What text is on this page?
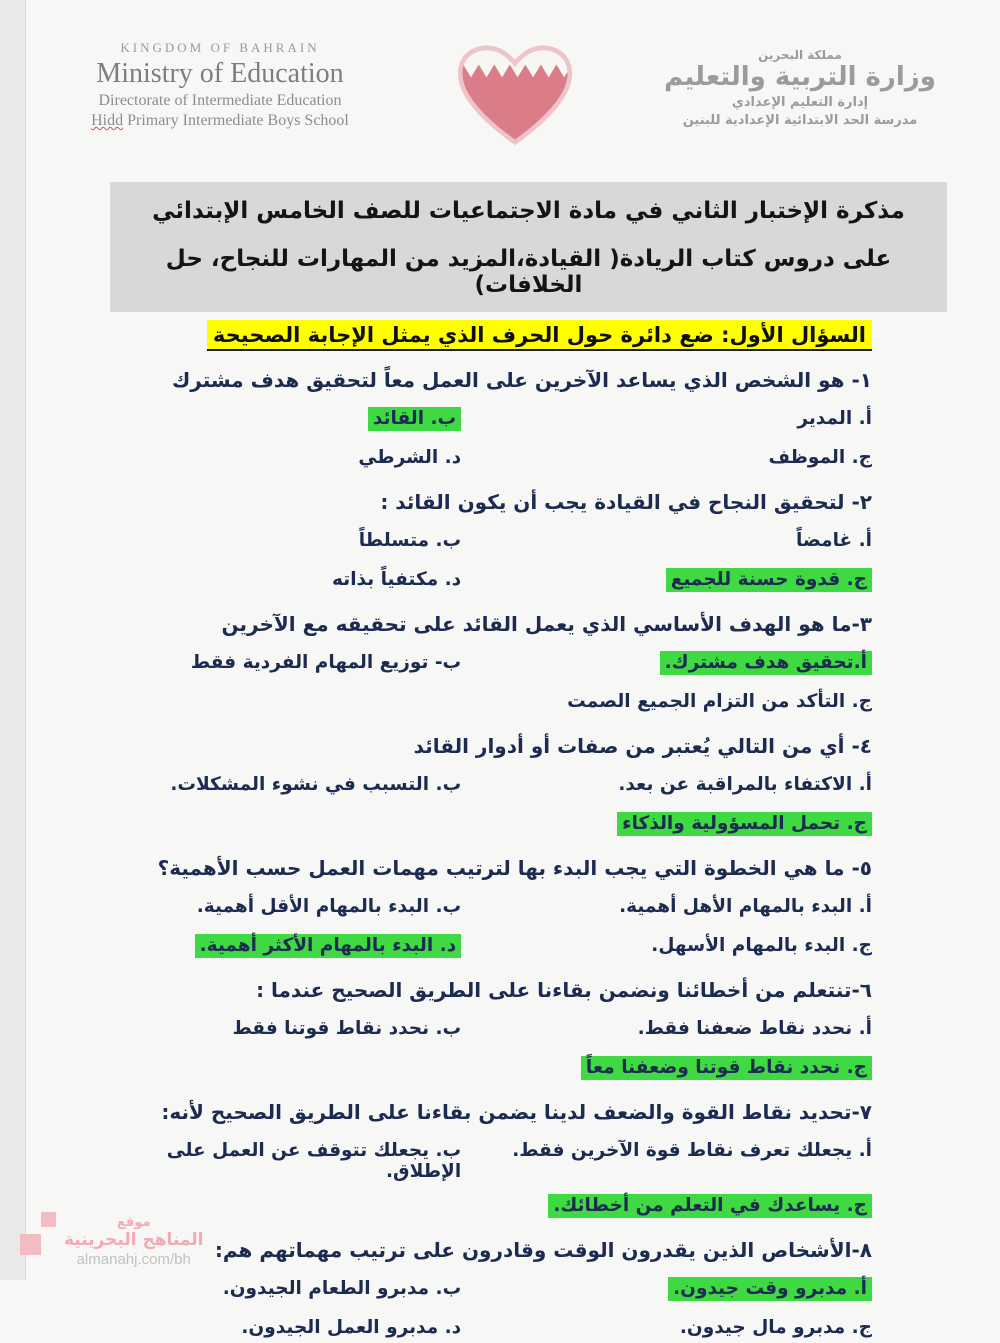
KINGDOM OF BAHRAIN
Ministry of Education
Directorate of Intermediate Education
Hidd Primary Intermediate Boys School
مملكة البحرين
وزارة التربية والتعليم
إدارة التعليم الإعدادي
مدرسة الحد الابتدائية الإعدادية للبنين
مذكرة الإختبار الثاني في مادة الاجتماعيات للصف الخامس الإبتدائي
على دروس كتاب الريادة( القيادة،المزيد من المهارات للنجاح، حل الخلافات)
السؤال الأول: ضع دائرة حول الحرف الذي يمثل الإجابة الصحيحة
١- هو الشخص الذي يساعد الآخرين على العمل معاً لتحقيق هدف مشترك
أ. المدير
ب. القائد
ج. الموظف
د. الشرطي
٢- لتحقيق النجاح في القيادة يجب أن يكون القائد :
أ. غامضاً
ب. متسلطاً
ج. قدوة حسنة للجميع
د. مكتفياً بذاته
٣-ما هو الهدف الأساسي الذي يعمل القائد على تحقيقه مع الآخرين
أ.تحقيق هدف مشترك.
ب- توزيع المهام الفردية فقط
ج. التأكد من التزام الجميع الصمت
٤- أي من التالي يُعتبر من صفات أو أدوار القائد
أ. الاكتفاء بالمراقبة عن بعد.
ب. التسبب في نشوء المشكلات.
ج. تحمل المسؤولية والذكاء
٥- ما هي الخطوة التي يجب البدء بها لترتيب مهمات العمل حسب الأهمية؟
أ. البدء بالمهام الأهل أهمية.
ب. البدء بالمهام الأقل أهمية.
ج. البدء بالمهام الأسهل.
د. البدء بالمهام الأكثر أهمية.
٦-تنتعلم من أخطائنا ونضمن بقاءنا على الطريق الصحيح عندما :
أ. نحدد نقاط ضعفنا فقط.
ب. نحدد نقاط قوتنا فقط
ج. نحدد نقاط قوتنا وضعفنا معاً
٧-تحديد نقاط القوة والضعف لدينا يضمن بقاءنا على الطريق الصحيح لأنه:
أ. يجعلك تعرف نقاط قوة الآخرين فقط.
ب. يجعلك تتوقف عن العمل على الإطلاق.
ج. يساعدك في التعلم من أخطائك.
٨-الأشخاص الذين يقدرون الوقت وقادرون على ترتيب مهماتهم هم:
أ. مدبرو وقت جيدون.
ب. مدبرو الطعام الجيدون.
ج. مدبرو مال جيدون.
د. مدبرو العمل الجيدون.
موقع
المناهج البحرينية
almanahj.com/bh
